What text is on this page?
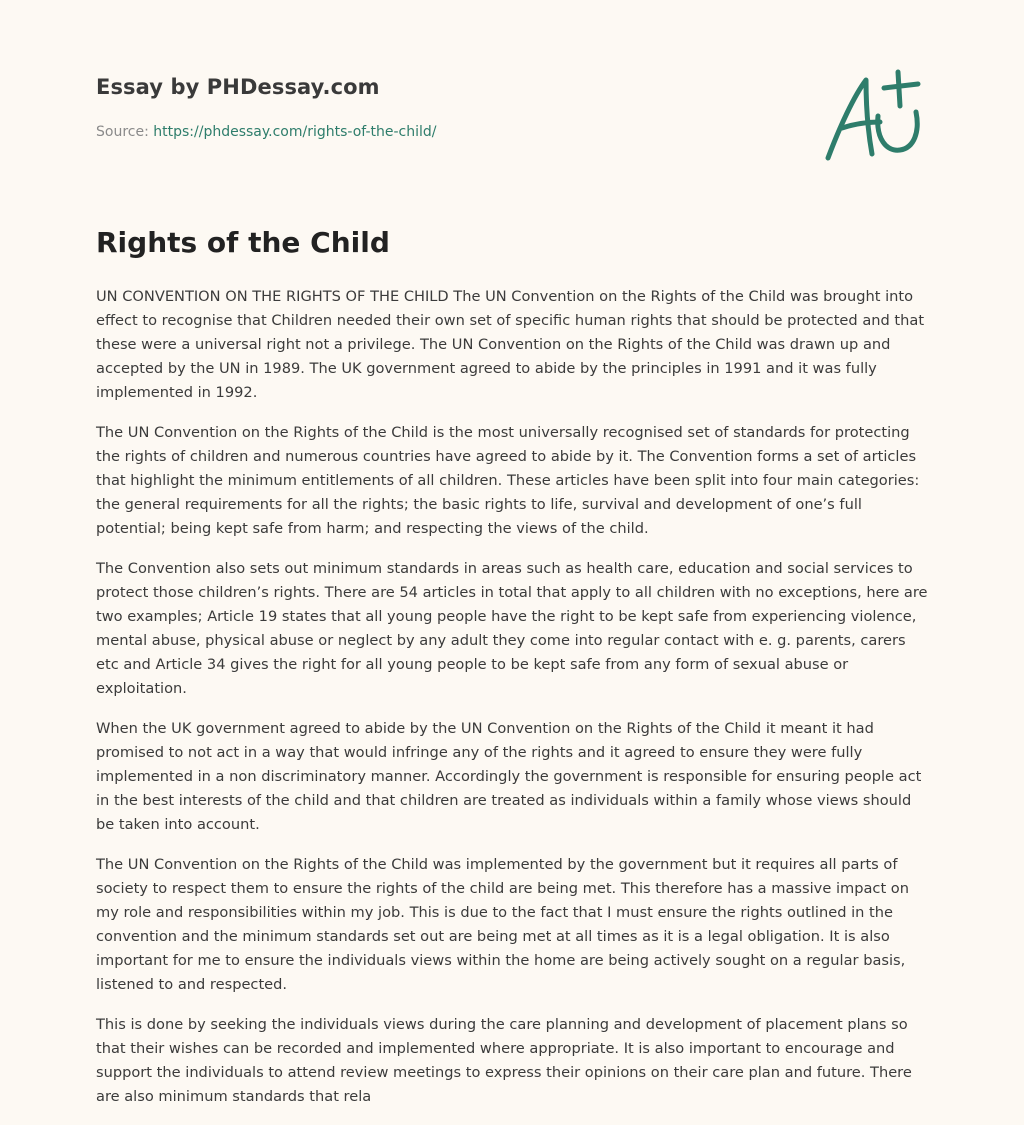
Essay by PHDessay.com
Source: https://phdessay.com/rights-of-the-child/
Rights of the Child

UN CONVENTION ON THE RIGHTS OF THE CHILD The UN Convention on the Rights of the Child was brought into effect to recognise that Children needed their own set of specific human rights that should be protected and that these were a universal right not a privilege. The UN Convention on the Rights of the Child was drawn up and accepted by the UN in 1989. The UK government agreed to abide by the principles in 1991 and it was fully implemented in 1992.

The UN Convention on the Rights of the Child is the most universally recognised set of standards for protecting the rights of children and numerous countries have agreed to abide by it. The Convention forms a set of articles that highlight the minimum entitlements of all children. These articles have been split into four main categories: the general requirements for all the rights; the basic rights to life, survival and development of one’s full potential; being kept safe from harm; and respecting the views of the child.

The Convention also sets out minimum standards in areas such as health care, education and social services to protect those children’s rights. There are 54 articles in total that apply to all children with no exceptions, here are two examples; Article 19 states that all young people have the right to be kept safe from experiencing violence, mental abuse, physical abuse or neglect by any adult they come into regular contact with e. g. parents, carers etc and Article 34 gives the right for all young people to be kept safe from any form of sexual abuse or exploitation.

When the UK government agreed to abide by the UN Convention on the Rights of the Child it meant it had promised to not act in a way that would infringe any of the rights and it agreed to ensure they were fully implemented in a non discriminatory manner. Accordingly the government is responsible for ensuring people act in the best interests of the child and that children are treated as individuals within a family whose views should be taken into account.

The UN Convention on the Rights of the Child was implemented by the government but it requires all parts of society to respect them to ensure the rights of the child are being met. This therefore has a massive impact on my role and responsibilities within my job. This is due to the fact that I must ensure the rights outlined in the convention and the minimum standards set out are being met at all times as it is a legal obligation. It is also important for me to ensure the individuals views within the home are being actively sought on a regular basis, listened to and respected.

This is done by seeking the individuals views during the care planning and development of placement plans so that their wishes can be recorded and implemented where appropriate. It is also important to encourage and support the individuals to attend review meetings to express their opinions on their care plan and future. There are also minimum standards that rela
